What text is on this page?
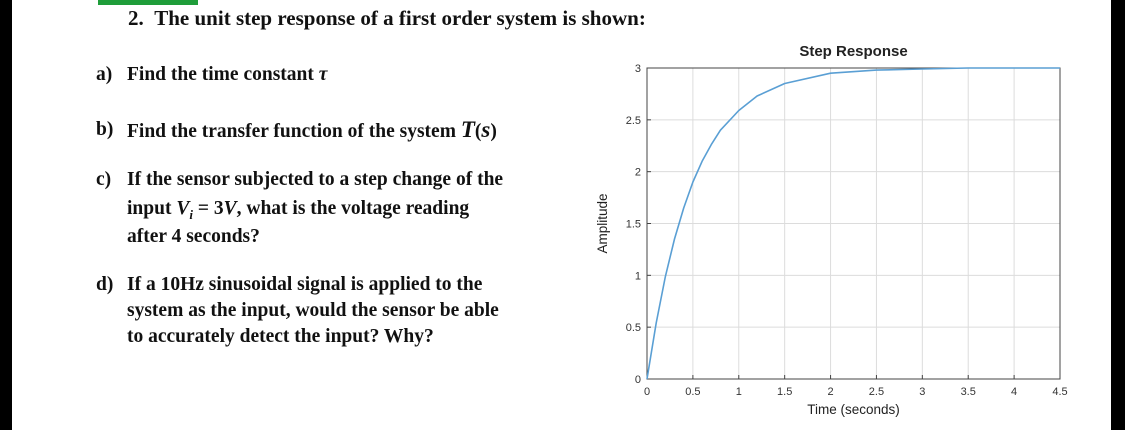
2. The unit step response of a first order system is shown:
a) Find the time constant τ
b) Find the transfer function of the system T(s)
c) If the sensor subjected to a step change of the
input $V_i = 3V$, what is the voltage reading
after 4 seconds?
d) If a 10Hz sinusoidal signal is applied to the
system as the input, would the sensor be able
to accurately detect the input? Why?
0
0.5
1
1.5
2
2.5
3
0	0.5	1	1.5	2	2.5	3	3.5	4	4.5
Step Response
Time (seconds)
Amplitude
